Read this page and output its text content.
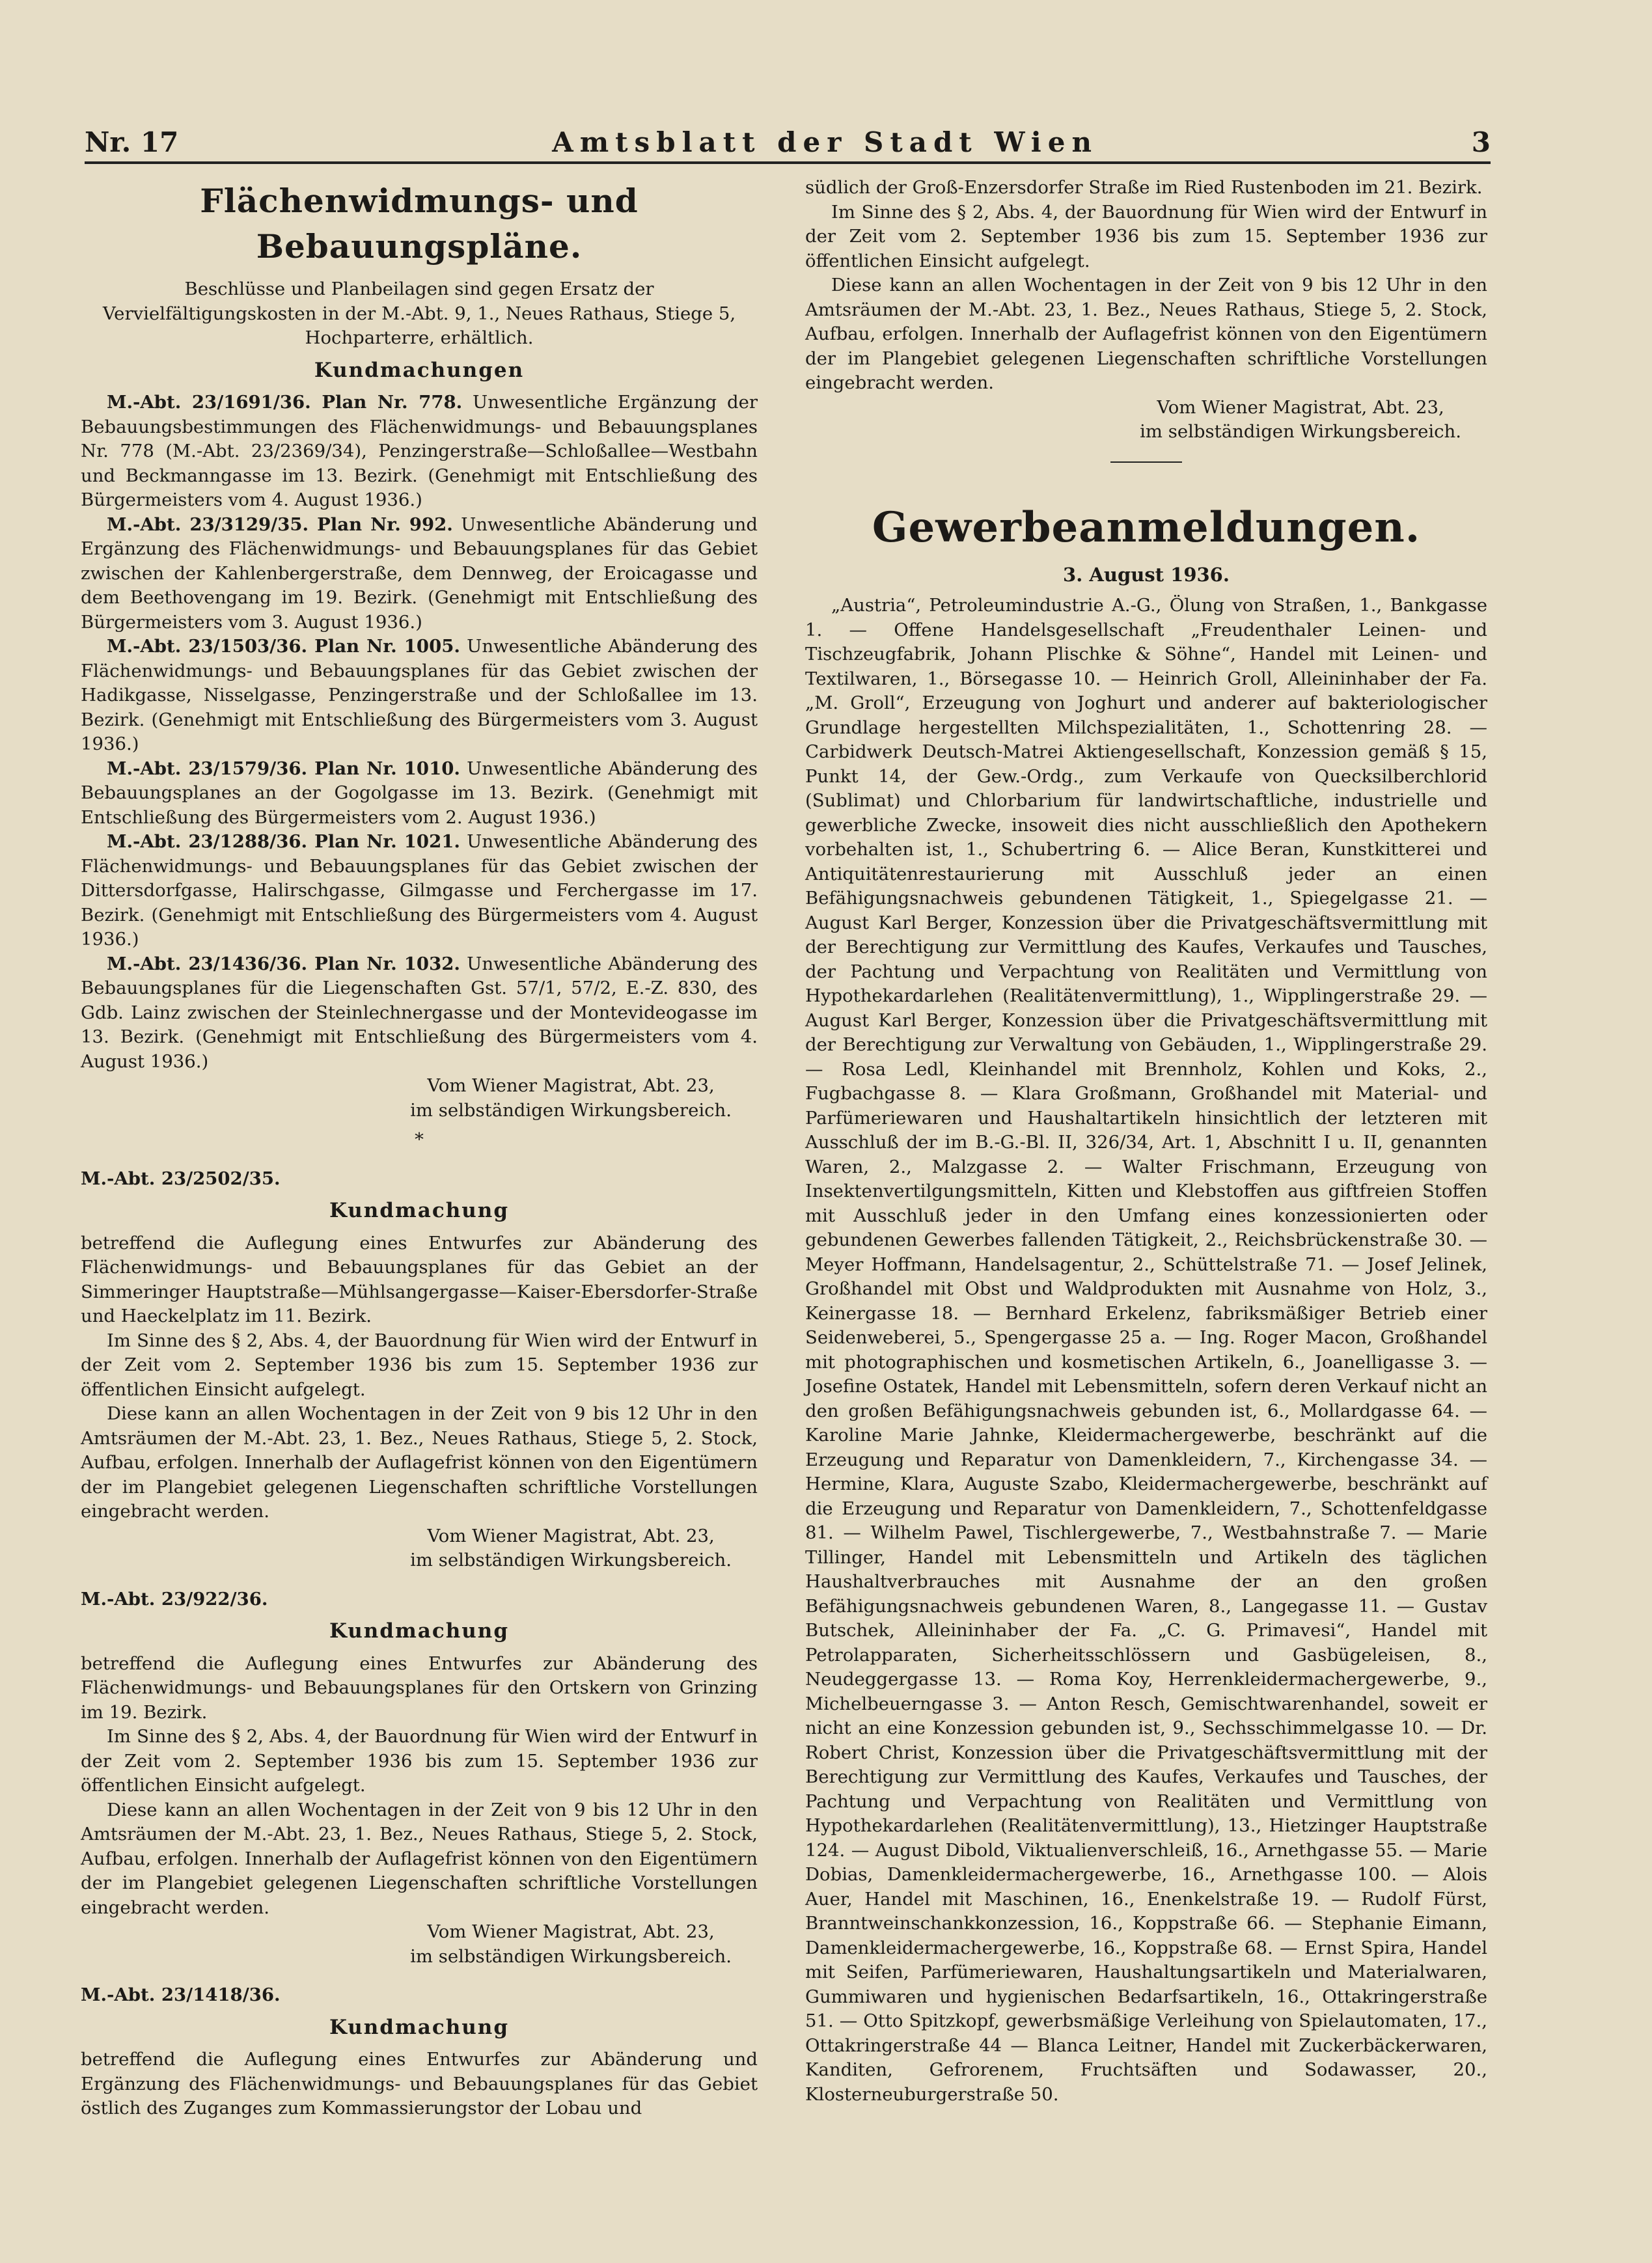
Nr. 17	Amtsblatt der Stadt Wien	3
Flächenwidmungs- und Bebauungspläne.

Beschlüsse und Planbeilagen sind gegen Ersatz der Vervielfältigungskosten in der M.-Abt. 9, 1., Neues Rathaus, Stiege 5, Hochparterre, erhältlich.

Kundmachungen

M.-Abt. 23/1691/36. Plan Nr. 778. Unwesentliche Ergänzung der Bebauungsbestimmungen des Flächenwidmungs- und Bebauungsplanes Nr. 778 (M.-Abt. 23/2369/34), Penzingerstraße—Schloßallee—Westbahn und Beckmanngasse im 13. Bezirk. (Genehmigt mit Entschließung des Bürgermeisters vom 4. August 1936.)

M.-Abt. 23/3129/35. Plan Nr. 992. Unwesentliche Abänderung und Ergänzung des Flächenwidmungs- und Bebauungsplanes für das Gebiet zwischen der Kahlenbergerstraße, dem Dennweg, der Eroicagasse und dem Beethovengang im 19. Bezirk. (Genehmigt mit Entschließung des Bürgermeisters vom 3. August 1936.)

M.-Abt. 23/1503/36. Plan Nr. 1005. Unwesentliche Abänderung des Flächenwidmungs- und Bebauungsplanes für das Gebiet zwischen der Hadikgasse, Nisselgasse, Penzingerstraße und der Schloßallee im 13. Bezirk. (Genehmigt mit Entschließung des Bürgermeisters vom 3. August 1936.)

M.-Abt. 23/1579/36. Plan Nr. 1010. Unwesentliche Abänderung des Bebauungsplanes an der Gogolgasse im 13. Bezirk. (Genehmigt mit Entschließung des Bürgermeisters vom 2. August 1936.)

M.-Abt. 23/1288/36. Plan Nr. 1021. Unwesentliche Abänderung des Flächenwidmungs- und Bebauungsplanes für das Gebiet zwischen der Dittersdorfgasse, Halirschgasse, Gilmgasse und Ferchergasse im 17. Bezirk. (Genehmigt mit Entschließung des Bürgermeisters vom 4. August 1936.)

M.-Abt. 23/1436/36. Plan Nr. 1032. Unwesentliche Abänderung des Bebauungsplanes für die Liegenschaften Gst. 57/1, 57/2, E.-Z. 830, des Gdb. Lainz zwischen der Steinlechnergasse und der Montevideogasse im 13. Bezirk. (Genehmigt mit Entschließung des Bürgermeisters vom 4. August 1936.)

Vom Wiener Magistrat, Abt. 23,
im selbständigen Wirkungsbereich.
*

M.-Abt. 23/2502/35.

Kundmachung

betreffend die Auflegung eines Entwurfes zur Abänderung des Flächenwidmungs- und Bebauungsplanes für das Gebiet an der Simmeringer Hauptstraße—Mühlsangergasse—Kaiser-Ebersdorfer-Straße und Haeckelplatz im 11. Bezirk.

Im Sinne des § 2, Abs. 4, der Bauordnung für Wien wird der Entwurf in der Zeit vom 2. September 1936 bis zum 15. September 1936 zur öffentlichen Einsicht aufgelegt.

Diese kann an allen Wochentagen in der Zeit von 9 bis 12 Uhr in den Amtsräumen der M.-Abt. 23, 1. Bez., Neues Rathaus, Stiege 5, 2. Stock, Aufbau, erfolgen. Innerhalb der Auflagefrist können von den Eigentümern der im Plangebiet gelegenen Liegenschaften schriftliche Vorstellungen eingebracht werden.

Vom Wiener Magistrat, Abt. 23,
im selbständigen Wirkungsbereich.

M.-Abt. 23/922/36.

Kundmachung

betreffend die Auflegung eines Entwurfes zur Abänderung des Flächenwidmungs- und Bebauungsplanes für den Ortskern von Grinzing im 19. Bezirk.

Im Sinne des § 2, Abs. 4, der Bauordnung für Wien wird der Entwurf in der Zeit vom 2. September 1936 bis zum 15. September 1936 zur öffentlichen Einsicht aufgelegt.

Diese kann an allen Wochentagen in der Zeit von 9 bis 12 Uhr in den Amtsräumen der M.-Abt. 23, 1. Bez., Neues Rathaus, Stiege 5, 2. Stock, Aufbau, erfolgen. Innerhalb der Auflagefrist können von den Eigentümern der im Plangebiet gelegenen Liegenschaften schriftliche Vorstellungen eingebracht werden.

Vom Wiener Magistrat, Abt. 23,
im selbständigen Wirkungsbereich.

M.-Abt. 23/1418/36.

Kundmachung

betreffend die Auflegung eines Entwurfes zur Abänderung und Ergänzung des Flächenwidmungs- und Bebauungsplanes für das Gebiet östlich des Zuganges zum Kommassierungstor der Lobau und

südlich der Groß-Enzersdorfer Straße im Ried Rustenboden im 21. Bezirk.

Im Sinne des § 2, Abs. 4, der Bauordnung für Wien wird der Entwurf in der Zeit vom 2. September 1936 bis zum 15. September 1936 zur öffentlichen Einsicht aufgelegt.

Diese kann an allen Wochentagen in der Zeit von 9 bis 12 Uhr in den Amtsräumen der M.-Abt. 23, 1. Bez., Neues Rathaus, Stiege 5, 2. Stock, Aufbau, erfolgen. Innerhalb der Auflagefrist können von den Eigentümern der im Plangebiet gelegenen Liegenschaften schriftliche Vorstellungen eingebracht werden.

Vom Wiener Magistrat, Abt. 23,
im selbständigen Wirkungsbereich.
Gewerbeanmeldungen.

3. August 1936.

„Austria“, Petroleumindustrie A.-G., Ölung von Straßen, 1., Bankgasse 1. — Offene Handelsgesellschaft „Freudenthaler Leinen- und Tischzeugfabrik, Johann Plischke & Söhne“, Handel mit Leinen- und Textilwaren, 1., Börsegasse 10. — Heinrich Groll, Alleininhaber der Fa. „M. Groll“, Erzeugung von Joghurt und anderer auf bakteriologischer Grundlage hergestellten Milchspezialitäten, 1., Schottenring 28. — Carbidwerk Deutsch-Matrei Aktiengesellschaft, Konzession gemäß § 15, Punkt 14, der Gew.-Ordg., zum Verkaufe von Quecksilberchlorid (Sublimat) und Chlorbarium für landwirtschaftliche, industrielle und gewerbliche Zwecke, insoweit dies nicht ausschließlich den Apothekern vorbehalten ist, 1., Schubertring 6. — Alice Beran, Kunstkitterei und Antiquitätenrestaurierung mit Ausschluß jeder an einen Befähigungsnachweis gebundenen Tätigkeit, 1., Spiegelgasse 21. — August Karl Berger, Konzession über die Privatgeschäftsvermittlung mit der Berechtigung zur Vermittlung des Kaufes, Verkaufes und Tausches, der Pachtung und Verpachtung von Realitäten und Vermittlung von Hypothekardarlehen (Realitätenvermittlung), 1., Wipplingerstraße 29. — August Karl Berger, Konzession über die Privatgeschäftsvermittlung mit der Berechtigung zur Verwaltung von Gebäuden, 1., Wipplingerstraße 29. — Rosa Ledl, Kleinhandel mit Brennholz, Kohlen und Koks, 2., Fugbachgasse 8. — Klara Großmann, Großhandel mit Material- und Parfümeriewaren und Haushaltartikeln hinsichtlich der letzteren mit Ausschluß der im B.-G.-Bl. II, 326/34, Art. 1, Abschnitt I u. II, genannten Waren, 2., Malzgasse 2. — Walter Frischmann, Erzeugung von Insektenvertilgungsmitteln, Kitten und Klebstoffen aus giftfreien Stoffen mit Ausschluß jeder in den Umfang eines konzessionierten oder gebundenen Gewerbes fallenden Tätigkeit, 2., Reichsbrückenstraße 30. — Meyer Hoffmann, Handelsagentur, 2., Schüttelstraße 71. — Josef Jelinek, Großhandel mit Obst und Waldprodukten mit Ausnahme von Holz, 3., Keinergasse 18. — Bernhard Erkelenz, fabriksmäßiger Betrieb einer Seidenweberei, 5., Spengergasse 25 a. — Ing. Roger Macon, Großhandel mit photographischen und kosmetischen Artikeln, 6., Joanelligasse 3. — Josefine Ostatek, Handel mit Lebensmitteln, sofern deren Verkauf nicht an den großen Befähigungsnachweis gebunden ist, 6., Mollardgasse 64. — Karoline Marie Jahnke, Kleidermachergewerbe, beschränkt auf die Erzeugung und Reparatur von Damenkleidern, 7., Kirchengasse 34. — Hermine, Klara, Auguste Szabo, Kleidermachergewerbe, beschränkt auf die Erzeugung und Reparatur von Damenkleidern, 7., Schottenfeldgasse 81. — Wilhelm Pawel, Tischlergewerbe, 7., Westbahnstraße 7. — Marie Tillinger, Handel mit Lebensmitteln und Artikeln des täglichen Haushaltverbrauches mit Ausnahme der an den großen Befähigungsnachweis gebundenen Waren, 8., Langegasse 11. — Gustav Butschek, Alleininhaber der Fa. „C. G. Primavesi“, Handel mit Petrolapparaten, Sicherheitsschlössern und Gasbügeleisen, 8., Neudeggergasse 13. — Roma Koy, Herrenkleidermachergewerbe, 9., Michelbeuerngasse 3. — Anton Resch, Gemischtwarenhandel, soweit er nicht an eine Konzession gebunden ist, 9., Sechsschimmelgasse 10. — Dr. Robert Christ, Konzession über die Privatgeschäftsvermittlung mit der Berechtigung zur Vermittlung des Kaufes, Verkaufes und Tausches, der Pachtung und Verpachtung von Realitäten und Vermittlung von Hypothekardarlehen (Realitätenvermittlung), 13., Hietzinger Hauptstraße 124. — August Dibold, Viktualienverschleiß, 16., Arnethgasse 55. — Marie Dobias, Damenkleidermachergewerbe, 16., Arnethgasse 100. — Alois Auer, Handel mit Maschinen, 16., Enenkelstraße 19. — Rudolf Fürst, Branntweinschankkonzession, 16., Koppstraße 66. — Stephanie Eimann, Damenkleidermachergewerbe, 16., Koppstraße 68. — Ernst Spira, Handel mit Seifen, Parfümeriewaren, Haushaltungsartikeln und Materialwaren, Gummiwaren und hygienischen Bedarfsartikeln, 16., Ottakringerstraße 51. — Otto Spitzkopf, gewerbsmäßige Verleihung von Spielautomaten, 17., Ottakringerstraße 44 — Blanca Leitner, Handel mit Zuckerbäckerwaren, Kanditen, Gefrorenem, Fruchtsäften und Sodawasser, 20., Klosterneuburgerstraße 50.
